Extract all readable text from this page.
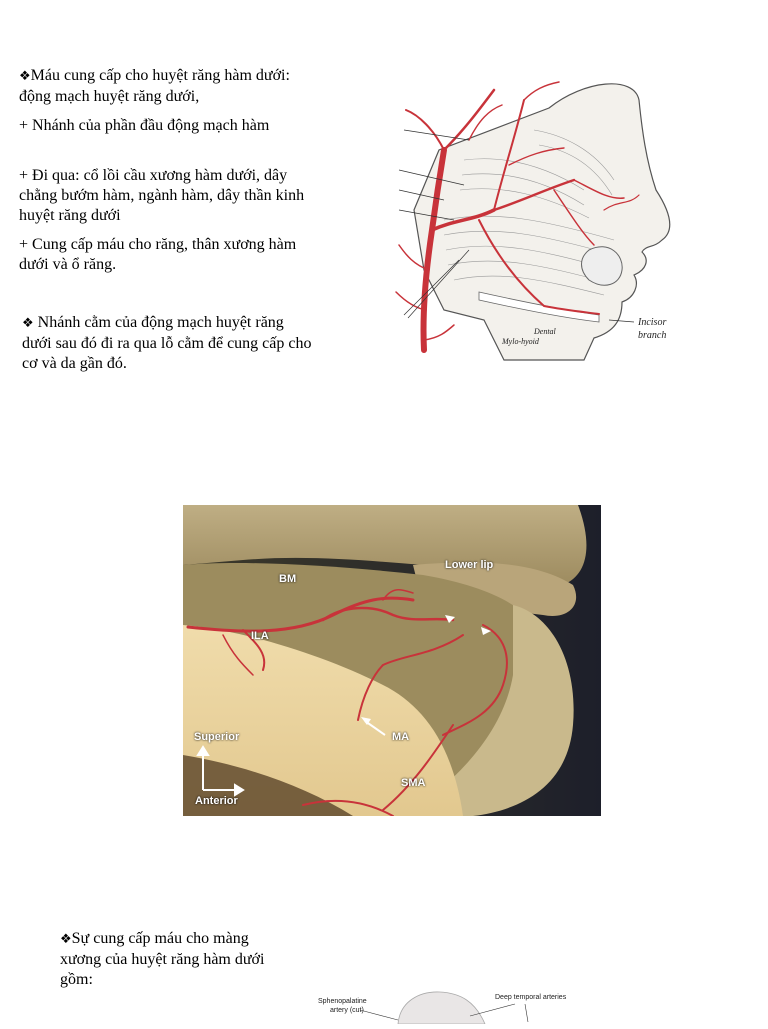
❖Máu cung cấp cho huyệt răng hàm dưới: động mạch huyệt răng dưới,
+ Nhánh của phần đầu động mạch hàm
+ Đi qua: cổ lồi cầu xương hàm dưới, dây chằng bướm hàm, ngành hàm, dây thần kinh huyệt răng dưới
+ Cung cấp máu cho răng, thân xương hàm dưới và ổ răng.
❖ Nhánh cằm của động mạch huyệt răng dưới sau đó đi ra qua lỗ cằm để cung cấp cho cơ và da gần đó.
Incisor
branch
Dental
Mylo-hyoid
BM
Lower lip
ILA
MA
Superior
SMA
Anterior
❖Sự cung cấp máu cho màng xương của huyệt răng hàm dưới gồm:
Sphenopalatine
artery (cut)
Deep temporal arteries
